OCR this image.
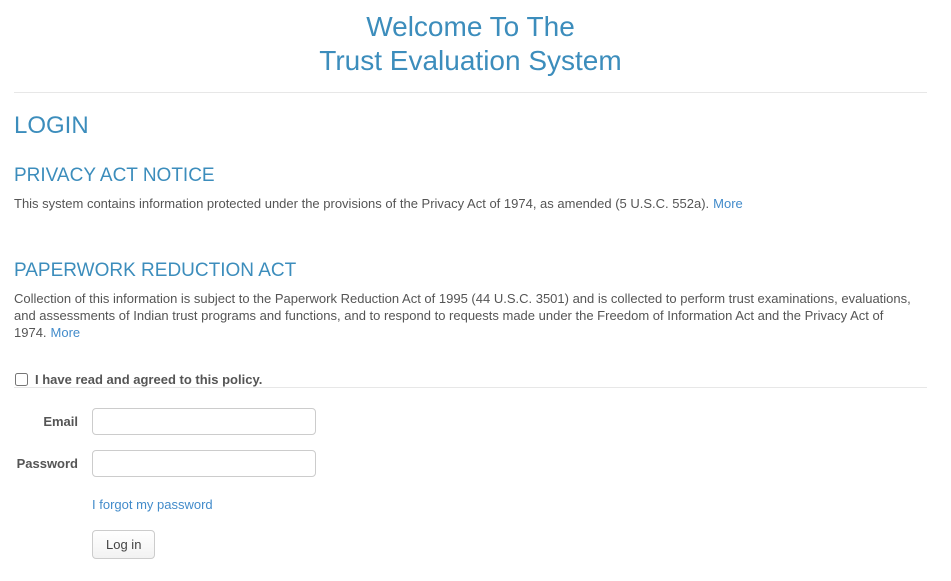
Welcome To The
Trust Evaluation System
LOGIN
PRIVACY ACT NOTICE

This system contains information protected under the provisions of the Privacy Act of 1974, as amended (5 U.S.C. 552a). More

PAPERWORK REDUCTION ACT

Collection of this information is subject to the Paperwork Reduction Act of 1995 (44 U.S.C. 3501) and is collected to perform trust examinations, evaluations, and assessments of Indian trust programs and functions, and to respond to requests made under the Freedom of Information Act and the Privacy Act of 1974. More

I have read and agreed to this policy.
Email
Password
I forgot my password
Log in
